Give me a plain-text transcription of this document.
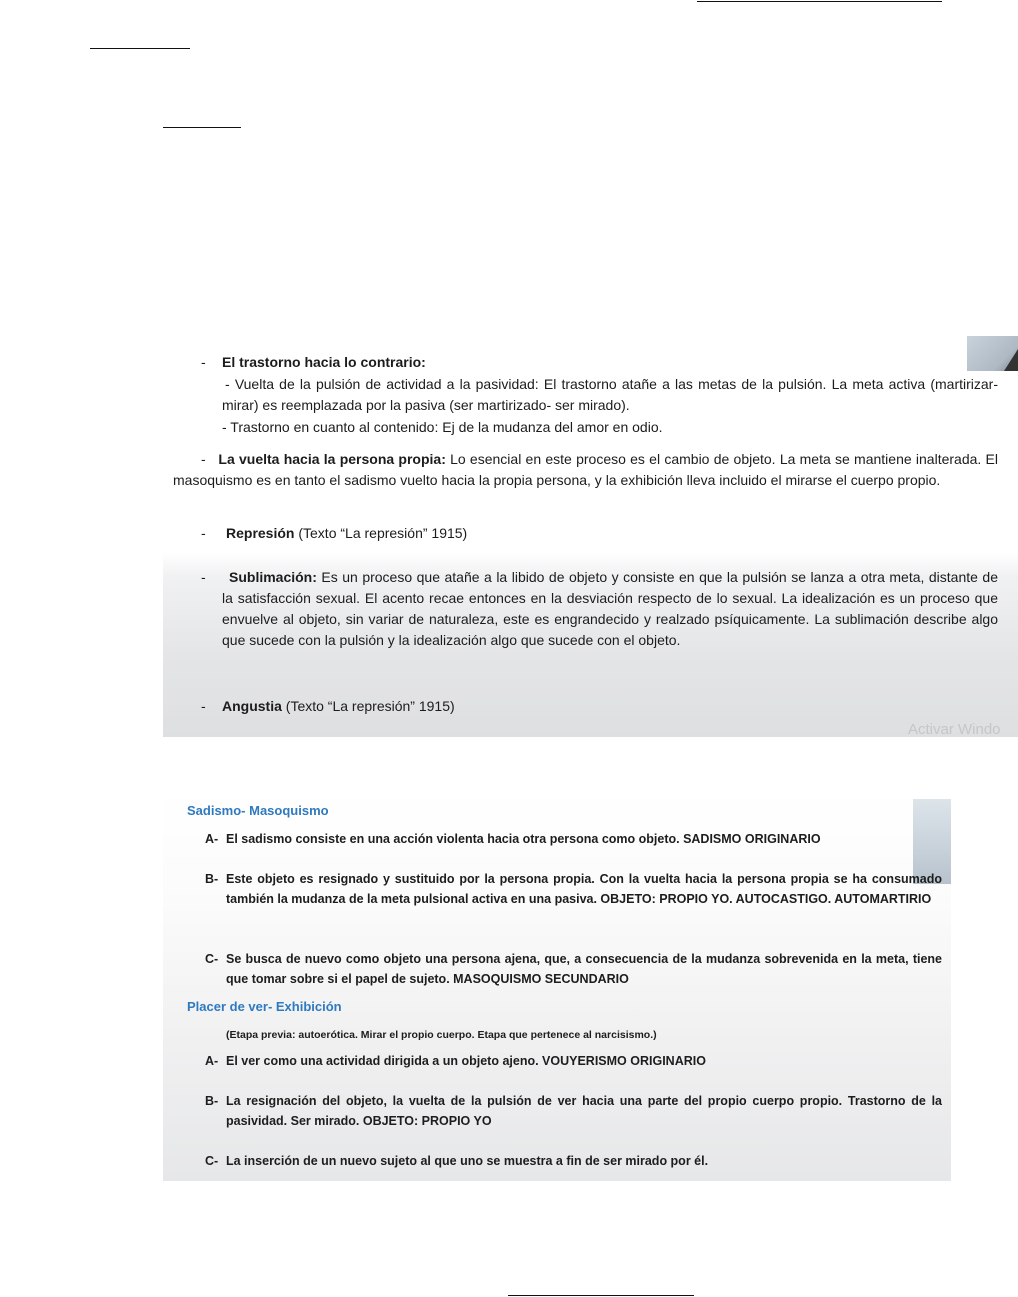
- El trastorno hacia lo contrario:
- Vuelta de la pulsión de actividad a la pasividad: El trastorno atañe a las metas de la pulsión. La meta activa (martirizar- mirar) es reemplazada por la pasiva (ser martirizado- ser mirado).
- Trastorno en cuanto al contenido: Ej de la mudanza del amor en odio.
-   La vuelta hacia la persona propia: Lo esencial en este proceso es el cambio de objeto. La meta se mantiene inalterada. El masoquismo es en tanto el sadismo vuelto hacia la propia persona, y la exhibición lleva incluido el mirarse el cuerpo propio.
- Represión (Texto “La represión” 1915)
-	Sublimación: Es un proceso que atañe a la libido de objeto y consiste en que la pulsión se lanza a otra meta, distante de la satisfacción sexual. El acento recae entonces en la desviación respecto de lo sexual. La idealización es un proceso que envuelve al objeto, sin variar de naturaleza, este es engrandecido y realzado psíquicamente. La sublimación describe algo que sucede con la pulsión y la idealización algo que sucede con el objeto.
- Angustia (Texto “La represión” 1915)
Activar Windo
Sadismo- Masoquismo
A- El sadismo consiste en una acción violenta hacia otra persona como objeto. SADISMO ORIGINARIO
B- Este objeto es resignado y sustituido por la persona propia. Con la vuelta hacia la persona propia se ha consumado también la mudanza de la meta pulsional activa en una pasiva. OBJETO: PROPIO YO. AUTOCASTIGO. AUTOMARTIRIO
C- Se busca de nuevo como objeto una persona ajena, que, a consecuencia de la mudanza sobrevenida en la meta, tiene que tomar sobre si el papel de sujeto. MASOQUISMO SECUNDARIO
Placer de ver- Exhibición
(Etapa previa: autoerótica. Mirar el propio cuerpo. Etapa que pertenece al narcisismo.)
A- El ver como una actividad dirigida a un objeto ajeno. VOUYERISMO ORIGINARIO
B- La resignación del objeto, la vuelta de la pulsión de ver hacia una parte del propio cuerpo propio. Trastorno de la pasividad. Ser mirado. OBJETO: PROPIO YO
C- La inserción de un nuevo sujeto al que uno se muestra a fin de ser mirado por él.
